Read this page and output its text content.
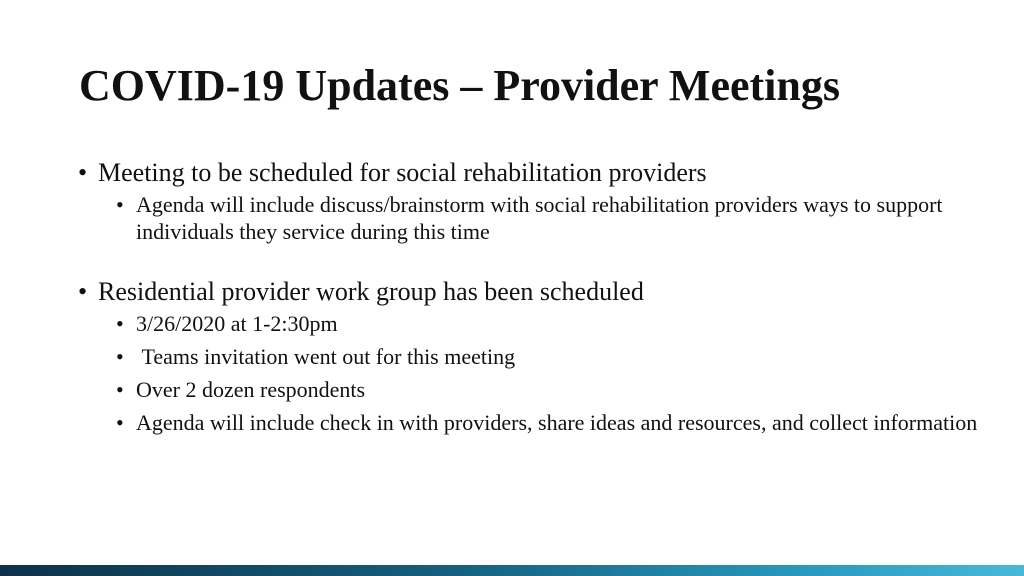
COVID-19 Updates – Provider Meetings
• Meeting to be scheduled for social rehabilitation providers
• Agenda will include discuss/brainstorm with social rehabilitation providers ways to support individuals they service during this time
• Residential provider work group has been scheduled
• 3/26/2020 at 1-2:30pm
•  Teams invitation went out for this meeting
• Over 2 dozen respondents
• Agenda will include check in with providers, share ideas and resources, and collect information
